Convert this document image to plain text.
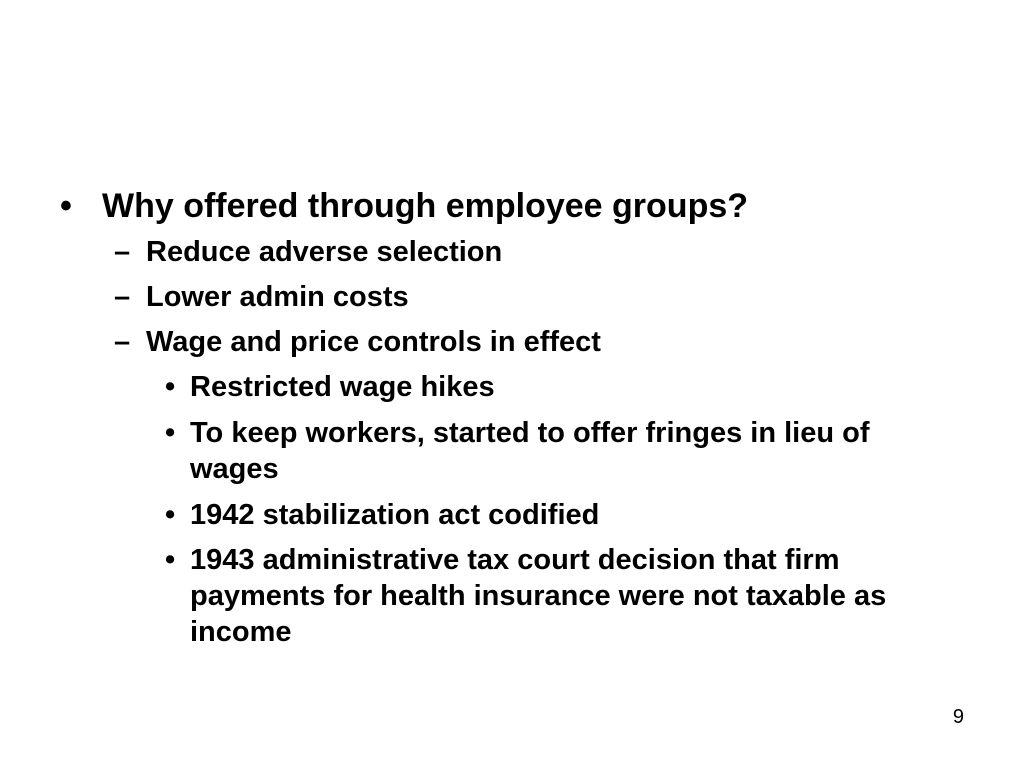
• Why offered through employee groups?
– Reduce adverse selection
– Lower admin costs
– Wage and price controls in effect
• Restricted wage hikes
• To keep workers, started to offer fringes in lieu of wages
• 1942 stabilization act codified
• 1943 administrative tax court decision that firm payments for health insurance were not taxable as income
9
